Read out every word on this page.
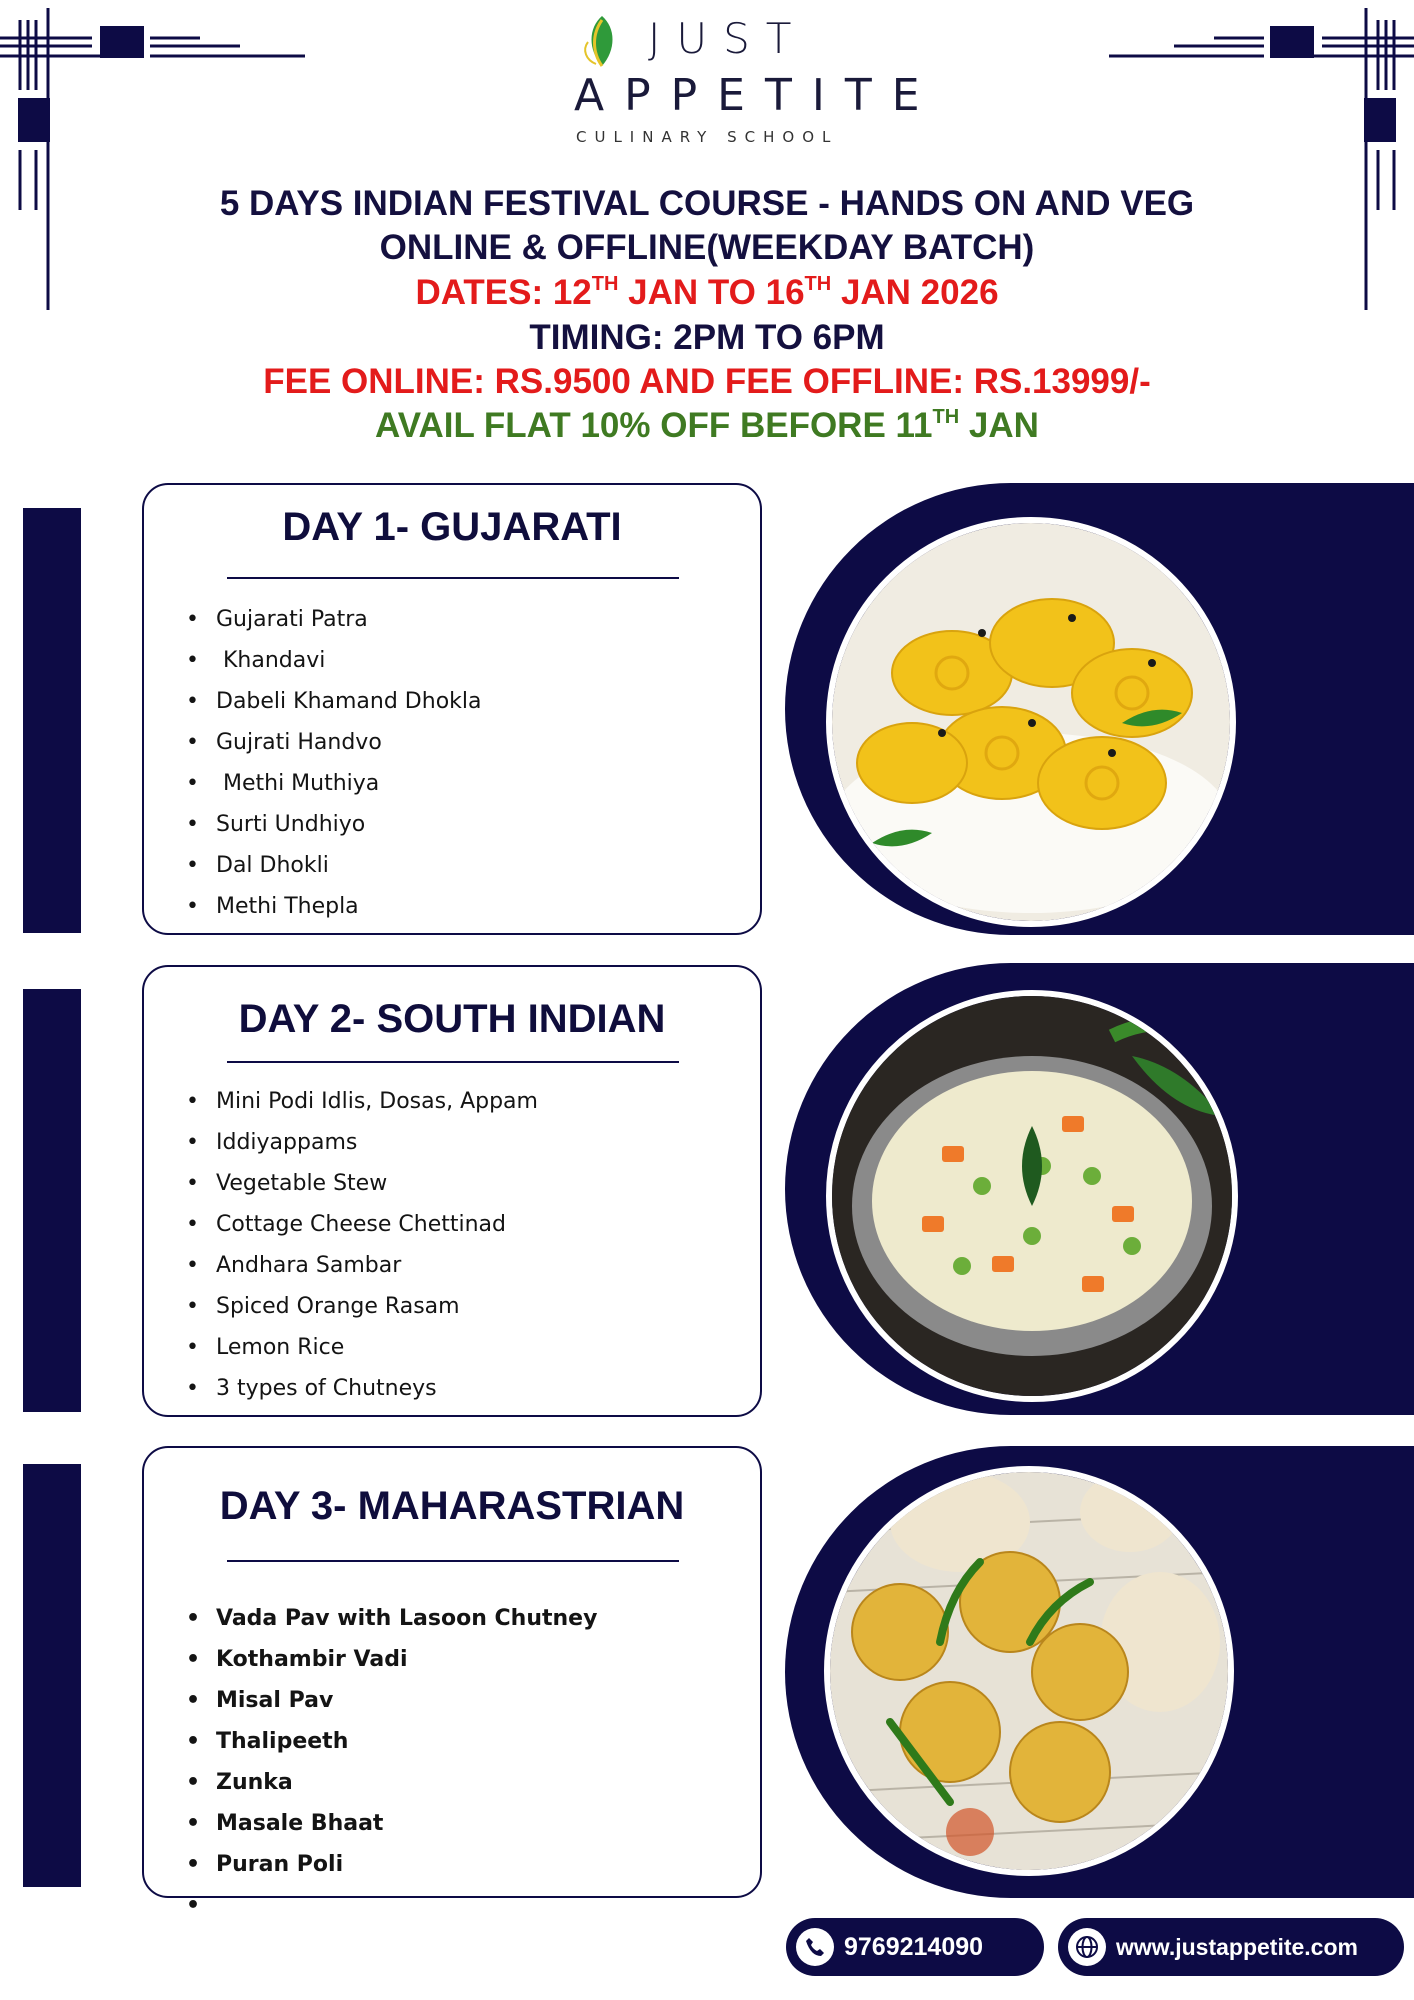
JUST
APPETITE
CULINARY SCHOOL
5 DAYS INDIAN FESTIVAL COURSE - HANDS ON AND VEG
ONLINE & OFFLINE(WEEKDAY BATCH)
DATES: 12TH JAN TO 16TH JAN 2026
TIMING: 2PM TO 6PM
FEE ONLINE: RS.9500 AND FEE OFFLINE: RS.13999/-
AVAIL FLAT 10% OFF BEFORE 11TH JAN
DAY 1- GUJARATI
• Gujarati Patra
•  Khandavi
• Dabeli Khamand Dhokla
• Gujrati Handvo
•  Methi Muthiya
• Surti Undhiyo
• Dal Dhokli
• Methi Thepla
DAY 2- SOUTH INDIAN
• Mini Podi Idlis, Dosas, Appam
• Iddiyappams
• Vegetable Stew
• Cottage Cheese Chettinad
• Andhara Sambar
• Spiced Orange Rasam
• Lemon Rice
• 3 types of Chutneys
DAY 3- MAHARASTRIAN
• Vada Pav with Lasoon Chutney
• Kothambir Vadi
• Misal Pav
• Thalipeeth
• Zunka
• Masale Bhaat
• Puran Poli
•
9769214090	www.justappetite.com
